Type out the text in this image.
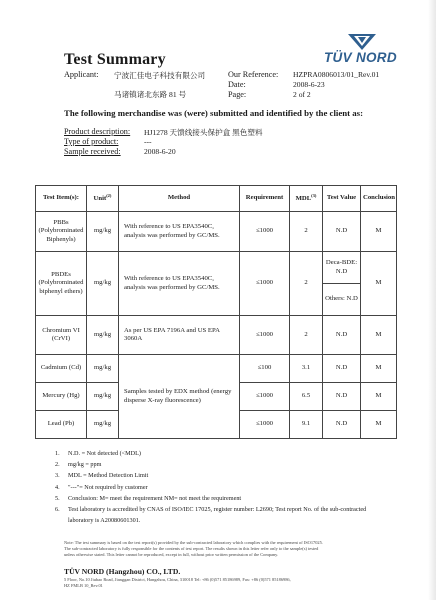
Test Summary	TÜV NORD
Applicant: 宁波汇佳电子科技有限公司
马诸镇诸北东路 81 号
Our Reference: HZPRA0806013/01_Rev.01
Date:	2008-6-23
Page:	2 of 2
The following merchandise was (were) submitted and identified by the client as:
Product description: HJ1278 天馈线接头保护盒 黑色塑料
Type of product:	---
Sample received:	2008-6-20
Test Item(s):	Unit$^{(2)}$	Method	Requirement	MDL$^{(3)}$	Test Value	Conclusion
PBBs (Polybrominated Biphenyls)	mg/kg	With reference to US EPA3540C, analysis was performed by GC/MS.	≤1000	2	N.D	M
PBDEs (Polybrominated biphenyl ethers)	mg/kg	With reference to US EPA3540C, analysis was performed by GC/MS.	≤1000	2	Deca-BDE: N.D	M
					Others: N.D	
Chromium VI (CrVI)	mg/kg	As per US EPA 7196A and US EPA 3060A	≤1000	2	N.D	M
Cadmium (Cd)	mg/kg	Samples tested by EDX method (energy disperse X-ray fluorescence)	≤100	3.1	N.D	M
Mercury (Hg)	mg/kg		≤1000	6.5	N.D	M
Lead (Pb)	mg/kg		≤1000	9.1	N.D	M
1. N.D. = Not detected (<MDL)
2. mg/kg = ppm
3. MDL = Method Detection Limit
4. "---"= Not required by customer
5. Conclusion: M= meet the requirement NM= not meet the requirement
6. Test laboratory is accredited by CNAS of ISO/IEC 17025, register number: L2690; Test report No. of the sub-contracted
laboratory is A20080601301.
Note: The test summary is based on the test report(s) provided by the sub-contracted laboratory which complies with the requirement of ISO17025.
The sub-contracted laboratory is fully responsible for the contents of test report. The results shown in this letter refer only to the sample(s) tested
unless otherwise stated. This letter cannot be reproduced, except in full, without prior written permission of the Company.
TÜV NORD (Hangzhou) CO., LTD.
5 Floor, No.10 Jiubao Road, Jianggan District, Hangzhou, China, 310018 Tel: +86 (0)571 85186989, Fax: +86 (0)571 85186986,
HZ FMLB 10_Rev.01
